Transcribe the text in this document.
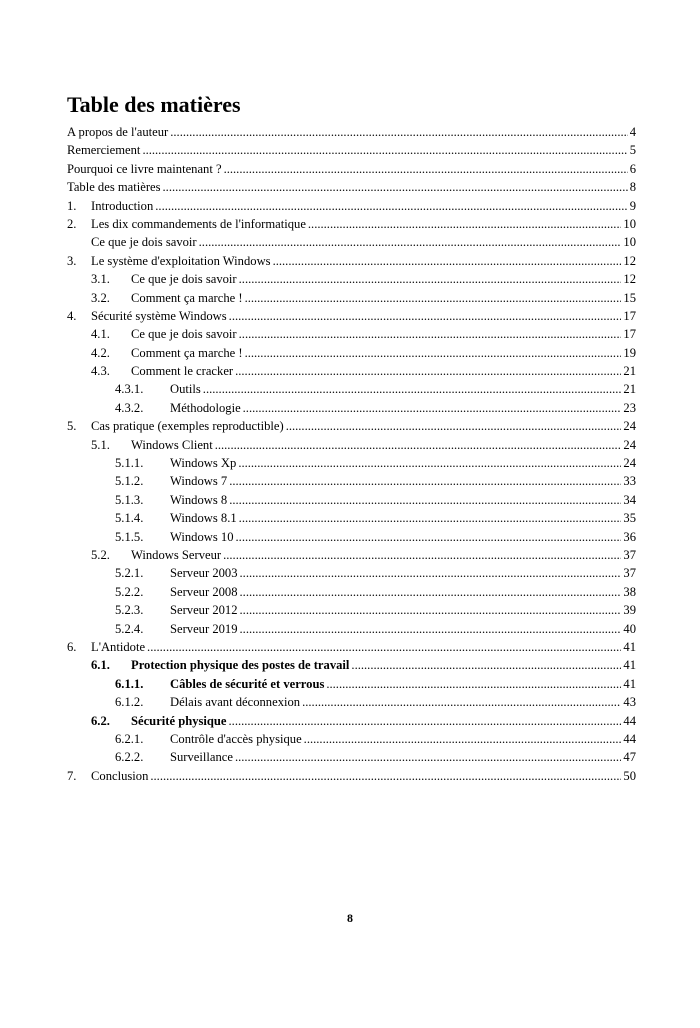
Table des matières
A propos de l'auteur .....	4
Remerciement .....	5
Pourquoi ce livre maintenant ? .....	6
Table des matières .....	8
1. Introduction .....	9
2. Les dix commandements de l'informatique .....	10
Ce que je dois savoir .....	10
3. Le système d'exploitation Windows .....	12
3.1. Ce que je dois savoir .....	12
3.2. Comment ça marche ! .....	15
4. Sécurité système Windows .....	17
4.1. Ce que je dois savoir .....	17
4.2. Comment ça marche ! .....	19
4.3. Comment le cracker .....	21
4.3.1. Outils .....	21
4.3.2. Méthodologie .....	23
5. Cas pratique (exemples reproductible) .....	24
5.1. Windows Client .....	24
5.1.1. Windows Xp .....	24
5.1.2. Windows 7 .....	33
5.1.3. Windows 8 .....	34
5.1.4. Windows 8.1 .....	35
5.1.5. Windows 10 .....	36
5.2. Windows Serveur .....	37
5.2.1. Serveur 2003 .....	37
5.2.2. Serveur 2008 .....	38
5.2.3. Serveur 2012 .....	39
5.2.4. Serveur 2019 .....	40
6. L'Antidote .....	41
6.1. Protection physique des postes de travail .....	41
6.1.1. Câbles de sécurité et verrous .....	41
6.1.2. Délais avant déconnexion .....	43
6.2. Sécurité physique .....	44
6.2.1. Contrôle d'accès physique .....	44
6.2.2. Surveillance .....	47
7. Conclusion .....	50
8
